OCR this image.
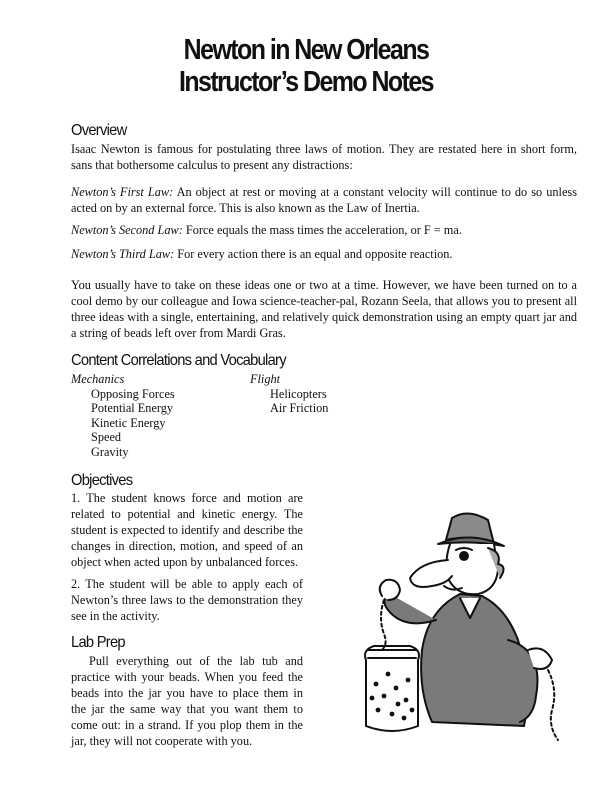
Newton in New Orleans
Instructor’s Demo Notes
Overview

Isaac Newton is famous for postulating three laws of motion. They are restated here in short form, sans that bothersome calculus to present any distractions:

Newton’s First Law: An object at rest or moving at a constant velocity will continue to do so unless acted on by an external force. This is also known as the Law of Inertia.

Newton’s Second Law: Force equals the mass times the acceleration, or F = ma.

Newton’s Third Law: For every action there is an equal and opposite reaction.

You usually have to take on these ideas one or two at a time. However, we have been turned on to a cool demo by our colleague and Iowa science-teacher-pal, Rozann Seela, that allows you to present all three ideas with a single, entertaining, and relatively quick demonstration using an empty quart jar and a string of beads left over from Mardi Gras.

Content Correlations and Vocabulary
Mechanics
Opposing Forces
Potential Energy
Kinetic Energy
Speed
Gravity
Flight
Helicopters
Air Friction
Objectives

1. The student knows force and motion are related to potential and kinetic energy. The student is expected to identify and describe the changes in direction, motion, and speed of an object when acted upon by unbalanced forces.

2. The student will be able to apply each of Newton’s three laws to the demonstration they see in the activity.

Lab Prep

Pull everything out of the lab tub and practice with your beads. When you feed the beads into the jar you have to place them in the jar the same way that you want them to come out: in a strand. If you plop them in the jar, they will not cooperate with you.
